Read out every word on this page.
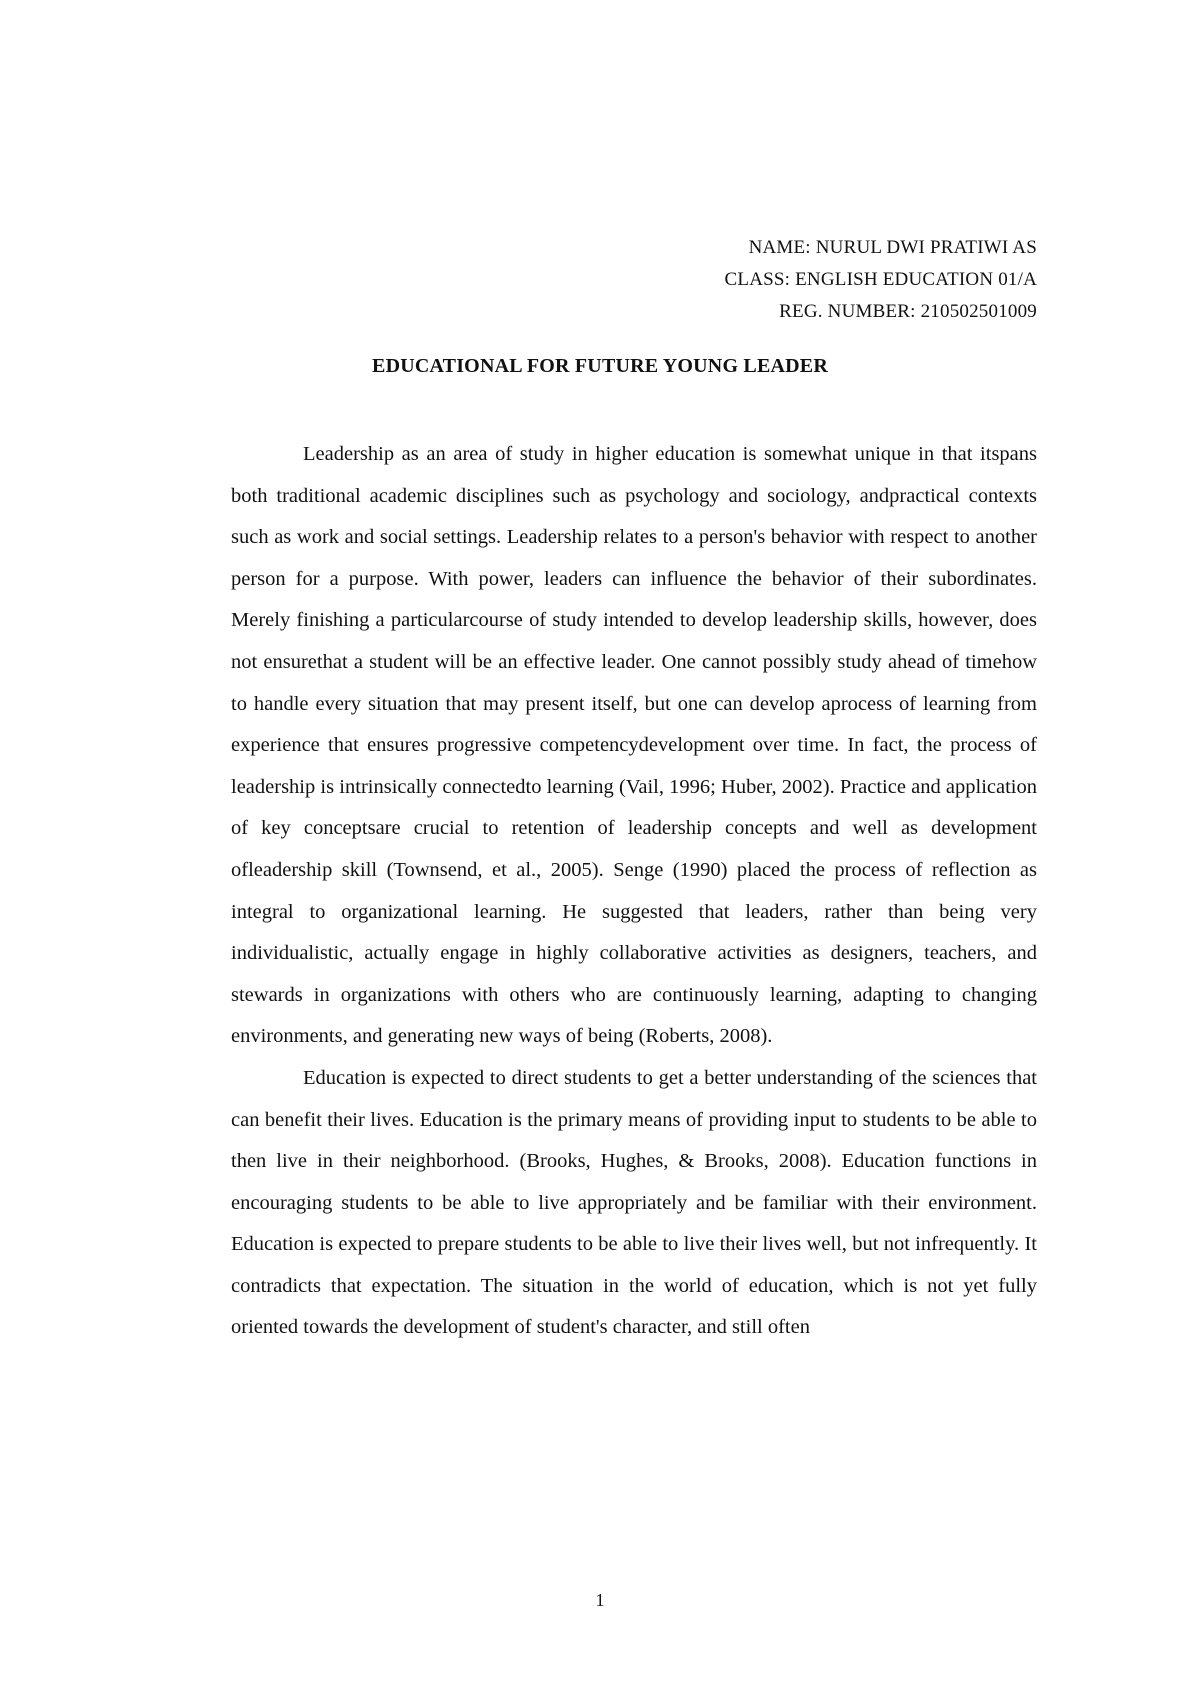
NAME: NURUL DWI PRATIWI AS
CLASS: ENGLISH EDUCATION 01/A
REG. NUMBER: 210502501009
EDUCATIONAL FOR FUTURE YOUNG LEADER

Leadership as an area of study in higher education is somewhat unique in that itspans both traditional academic disciplines such as psychology and sociology, andpractical contexts such as work and social settings. Leadership relates to a person's behavior with respect to another person for a purpose. With power, leaders can influence the behavior of their subordinates. Merely finishing a particularcourse of study intended to develop leadership skills, however, does not ensurethat a student will be an effective leader. One cannot possibly study ahead of timehow to handle every situation that may present itself, but one can develop aprocess of learning from experience that ensures progressive competencydevelopment over time. In fact, the process of leadership is intrinsically connectedto learning (Vail, 1996; Huber, 2002). Practice and application of key conceptsare crucial to retention of leadership concepts and well as development ofleadership skill (Townsend, et al., 2005). Senge (1990) placed the process of reflection as integral to organizational learning. He suggested that leaders, rather than being very individualistic, actually engage in highly collaborative activities as designers, teachers, and stewards in organizations with others who are continuously learning, adapting to changing environments, and generating new ways of being (Roberts, 2008).

Education is expected to direct students to get a better understanding of the sciences that can benefit their lives. Education is the primary means of providing input to students to be able to then live in their neighborhood. (Brooks, Hughes, & Brooks, 2008). Education functions in encouraging students to be able to live appropriately and be familiar with their environment. Education is expected to prepare students to be able to live their lives well, but not infrequently. It contradicts that expectation. The situation in the world of education, which is not yet fully oriented towards the development of student's character, and still often

1
